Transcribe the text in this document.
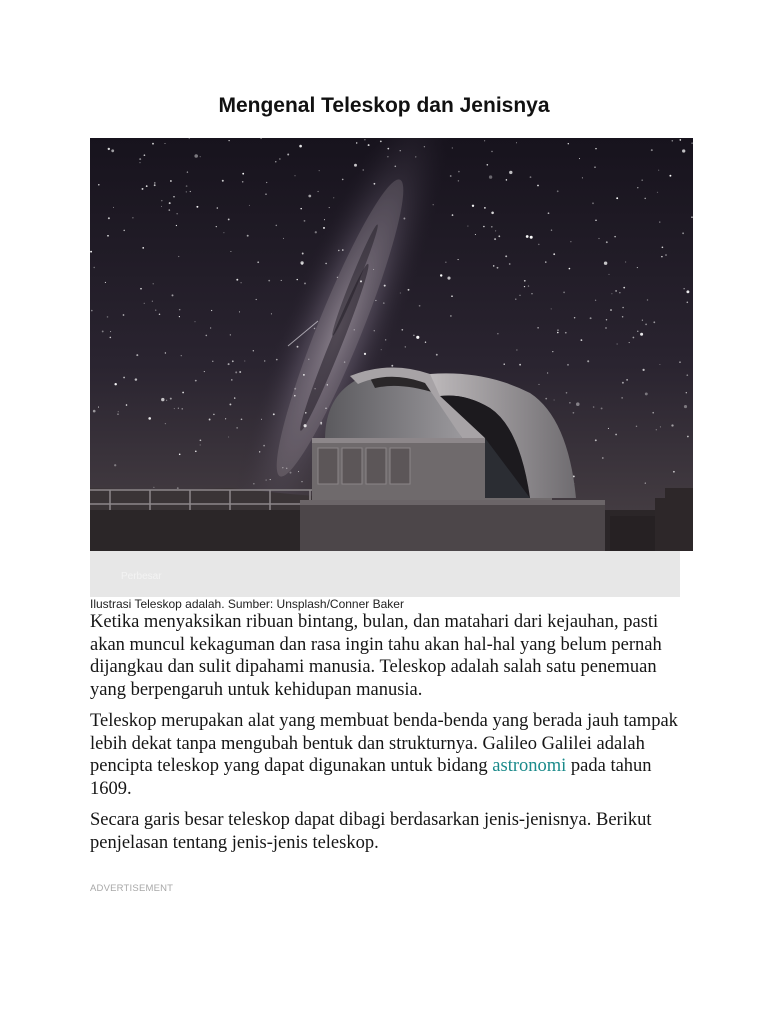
Mengenal Teleskop dan Jenisnya
Perbesar
Ilustrasi Teleskop adalah. Sumber: Unsplash/Conner Baker

Ketika menyaksikan ribuan bintang, bulan, dan matahari dari kejauhan, pasti akan muncul kekaguman dan rasa ingin tahu akan hal-hal yang belum pernah dijangkau dan sulit dipahami manusia. Teleskop adalah salah satu penemuan yang berpengaruh untuk kehidupan manusia.

Teleskop merupakan alat yang membuat benda-benda yang berada jauh tampak lebih dekat tanpa mengubah bentuk dan strukturnya. Galileo Galilei adalah pencipta teleskop yang dapat digunakan untuk bidang astronomi pada tahun 1609.

Secara garis besar teleskop dapat dibagi berdasarkan jenis-jenisnya. Berikut penjelasan tentang jenis-jenis teleskop.

ADVERTISEMENT
